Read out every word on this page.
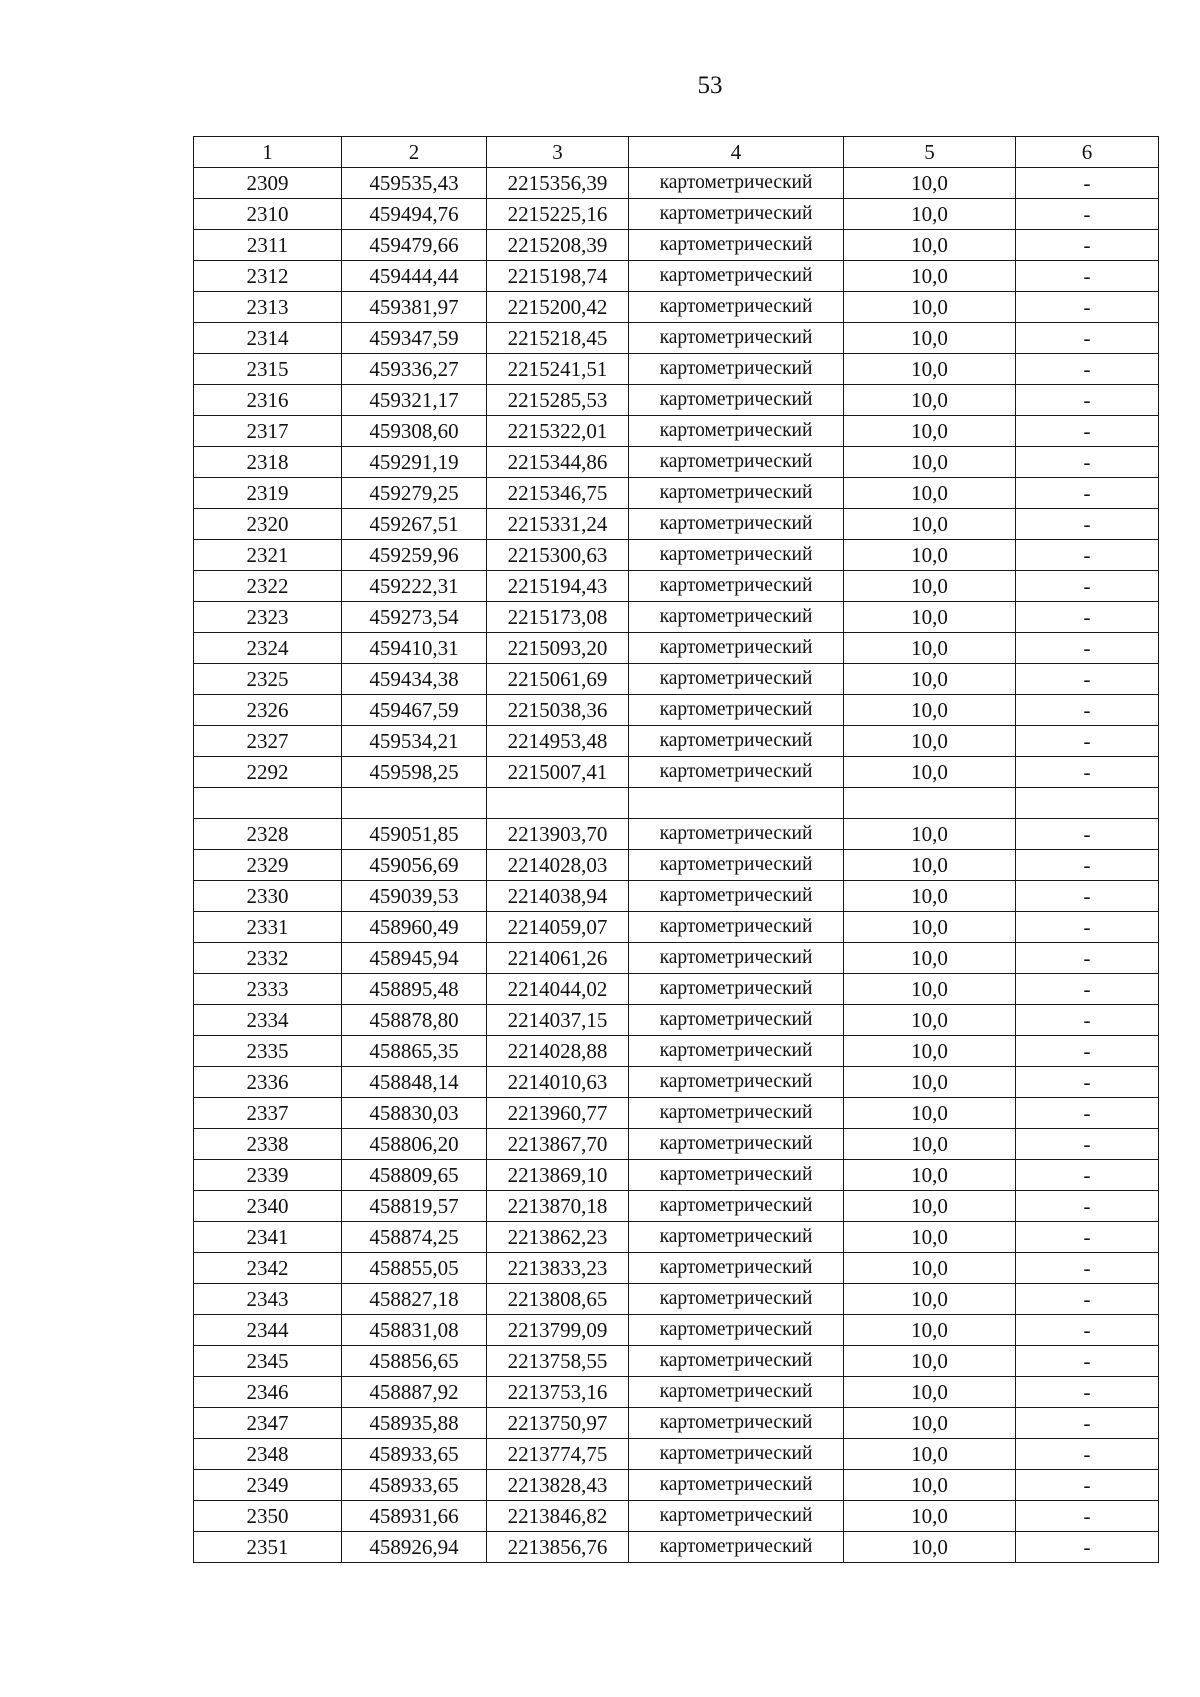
53
1	2	3	4	5	6
2309	459535,43	2215356,39	картометрический	10,0	-
2310	459494,76	2215225,16	картометрический	10,0	-
2311	459479,66	2215208,39	картометрический	10,0	-
2312	459444,44	2215198,74	картометрический	10,0	-
2313	459381,97	2215200,42	картометрический	10,0	-
2314	459347,59	2215218,45	картометрический	10,0	-
2315	459336,27	2215241,51	картометрический	10,0	-
2316	459321,17	2215285,53	картометрический	10,0	-
2317	459308,60	2215322,01	картометрический	10,0	-
2318	459291,19	2215344,86	картометрический	10,0	-
2319	459279,25	2215346,75	картометрический	10,0	-
2320	459267,51	2215331,24	картометрический	10,0	-
2321	459259,96	2215300,63	картометрический	10,0	-
2322	459222,31	2215194,43	картометрический	10,0	-
2323	459273,54	2215173,08	картометрический	10,0	-
2324	459410,31	2215093,20	картометрический	10,0	-
2325	459434,38	2215061,69	картометрический	10,0	-
2326	459467,59	2215038,36	картометрический	10,0	-
2327	459534,21	2214953,48	картометрический	10,0	-
2292	459598,25	2215007,41	картометрический	10,0	-

2328	459051,85	2213903,70	картометрический	10,0	-
2329	459056,69	2214028,03	картометрический	10,0	-
2330	459039,53	2214038,94	картометрический	10,0	-
2331	458960,49	2214059,07	картометрический	10,0	-
2332	458945,94	2214061,26	картометрический	10,0	-
2333	458895,48	2214044,02	картометрический	10,0	-
2334	458878,80	2214037,15	картометрический	10,0	-
2335	458865,35	2214028,88	картометрический	10,0	-
2336	458848,14	2214010,63	картометрический	10,0	-
2337	458830,03	2213960,77	картометрический	10,0	-
2338	458806,20	2213867,70	картометрический	10,0	-
2339	458809,65	2213869,10	картометрический	10,0	-
2340	458819,57	2213870,18	картометрический	10,0	-
2341	458874,25	2213862,23	картометрический	10,0	-
2342	458855,05	2213833,23	картометрический	10,0	-
2343	458827,18	2213808,65	картометрический	10,0	-
2344	458831,08	2213799,09	картометрический	10,0	-
2345	458856,65	2213758,55	картометрический	10,0	-
2346	458887,92	2213753,16	картометрический	10,0	-
2347	458935,88	2213750,97	картометрический	10,0	-
2348	458933,65	2213774,75	картометрический	10,0	-
2349	458933,65	2213828,43	картометрический	10,0	-
2350	458931,66	2213846,82	картометрический	10,0	-
2351	458926,94	2213856,76	картометрический	10,0	-
